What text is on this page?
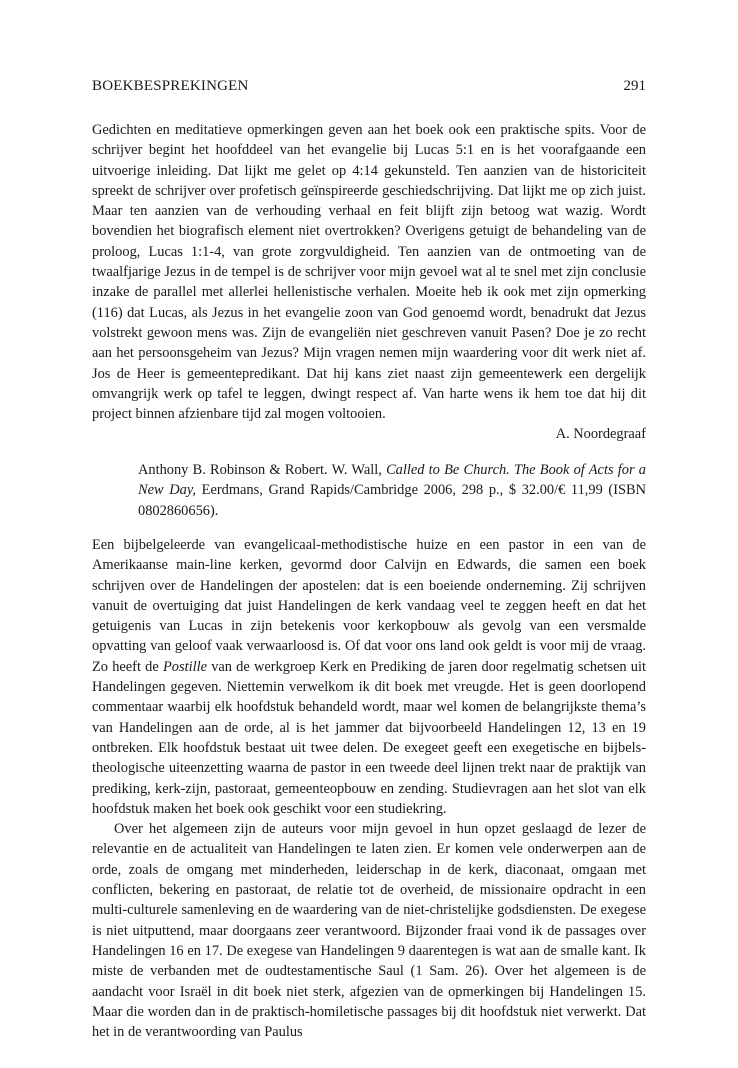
BOEKBESPREKINGEN	291

Gedichten en meditatieve opmerkingen geven aan het boek ook een praktische spits. Voor de schrijver begint het hoofddeel van het evangelie bij Lucas 5:1 en is het voorafgaande een uitvoerige inleiding. Dat lijkt me gelet op 4:14 gekunsteld. Ten aanzien van de historiciteit spreekt de schrijver over profetisch geïnspireerde geschiedschrijving. Dat lijkt me op zich juist. Maar ten aanzien van de verhouding verhaal en feit blijft zijn betoog wat wazig. Wordt bovendien het biografisch element niet overtrokken? Overigens getuigt de behandeling van de proloog, Lucas 1:1-4, van grote zorgvuldigheid. Ten aanzien van de ontmoeting van de twaalfjarige Jezus in de tempel is de schrijver voor mijn gevoel wat al te snel met zijn conclusie inzake de parallel met allerlei hellenistische verhalen. Moeite heb ik ook met zijn opmerking (116) dat Lucas, als Jezus in het evangelie zoon van God genoemd wordt, benadrukt dat Jezus volstrekt gewoon mens was. Zijn de evangeliën niet geschreven vanuit Pasen? Doe je zo recht aan het persoonsgeheim van Jezus? Mijn vragen nemen mijn waardering voor dit werk niet af. Jos de Heer is gemeentepredikant. Dat hij kans ziet naast zijn gemeentewerk een dergelijk omvangrijk werk op tafel te leggen, dwingt respect af. Van harte wens ik hem toe dat hij dit project binnen afzienbare tijd zal mogen voltooien.

A. Noordegraaf

Anthony B. Robinson & Robert. W. Wall, Called to Be Church. The Book of Acts for a New Day, Eerdmans, Grand Rapids/Cambridge 2006, 298 p., $ 32.00/€ 11,99 (ISBN 0802860656).

Een bijbelgeleerde van evangelicaal-methodistische huize en een pastor in een van de Amerikaanse main-line kerken, gevormd door Calvijn en Edwards, die samen een boek schrijven over de Handelingen der apostelen: dat is een boeiende onderneming. Zij schrijven vanuit de overtuiging dat juist Handelingen de kerk vandaag veel te zeggen heeft en dat het getuigenis van Lucas in zijn betekenis voor kerkopbouw als gevolg van een versmalde opvatting van geloof vaak verwaarloosd is. Of dat voor ons land ook geldt is voor mij de vraag. Zo heeft de Postille van de werkgroep Kerk en Prediking de jaren door regelmatig schetsen uit Handelingen gegeven. Niettemin verwelkom ik dit boek met vreugde. Het is geen doorlopend commentaar waarbij elk hoofdstuk behandeld wordt, maar wel komen de belangrijkste thema’s van Handelingen aan de orde, al is het jammer dat bijvoorbeeld Handelingen 12, 13 en 19 ontbreken. Elk hoofdstuk bestaat uit twee delen. De exegeet geeft een exegetische en bijbels-theologische uiteenzetting waarna de pastor in een tweede deel lijnen trekt naar de praktijk van prediking, kerk-zijn, pastoraat, gemeenteopbouw en zending. Studievragen aan het slot van elk hoofdstuk maken het boek ook geschikt voor een studiekring.

Over het algemeen zijn de auteurs voor mijn gevoel in hun opzet geslaagd de lezer de relevantie en de actualiteit van Handelingen te laten zien. Er komen vele onderwerpen aan de orde, zoals de omgang met minderheden, leiderschap in de kerk, diaconaat, omgaan met conflicten, bekering en pastoraat, de relatie tot de overheid, de missionaire opdracht in een multi-culturele samenleving en de waardering van de niet-christelijke godsdiensten. De exegese is niet uitputtend, maar doorgaans zeer verantwoord. Bijzonder fraai vond ik de passages over Handelingen 16 en 17. De exegese van Handelingen 9 daarentegen is wat aan de smalle kant. Ik miste de verbanden met de oudtestamentische Saul (1 Sam. 26). Over het algemeen is de aandacht voor Israël in dit boek niet sterk, afgezien van de opmerkingen bij Handelingen 15. Maar die worden dan in de praktisch-homiletische passages bij dit hoofdstuk niet verwerkt. Dat het in de verantwoording van Paulus
